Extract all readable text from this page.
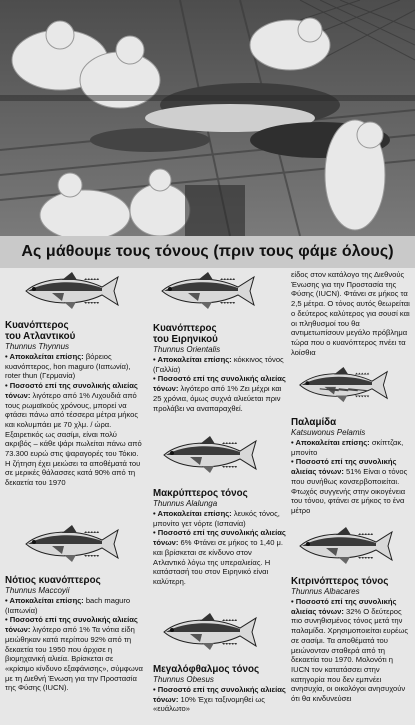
Ας μάθουμε τους τόνους (πριν τους φάμε όλους)
Κυανόπτερος
του Ατλαντικού
Thunnus Thynnus

• Αποκαλείται επίσης: βόρειος κυανόπτερος, hon maguro (Ιαπωνία), roter thun (Γερμανία)

• Ποσοστό επί της συνολικής αλιείας τόνων: λιγότερο από 1% Λιχουδιά από τους ρωμαϊκούς χρόνους, μπορεί να φτάσει πάνω από τέσσερα μέτρα μήκος και κολυμπάει με 70 χλμ. / ώρα. Εξαιρετικός ως σασίμι, είναι πολύ ακριβός – κάθε ψάρι πωλείται πάνω από 73.300 ευρώ στις ψαραγορές του Τόκιο. Η ζήτηση έχει μειώσει τα αποθέματά του σε μερικές θάλασσες κατά 90% από τη δεκαετία του 1970

Νότιος κυανόπτερος
Thunnus Maccoyii

• Αποκαλείται επίσης: bach maguro (Ιαπωνία)

• Ποσοστό επί της συνολικής αλιείας τόνων: λιγότερο από 1% Τα νότια είδη μειώθηκαν κατά περίπου 92% από τη δεκαετία του 1950 που άρχισε η βιομηχανική αλιεία. Βρίσκεται σε «κρίσιμο κίνδυνο εξαφάνισης», σύμφωνα με τη Διεθνή Ένωση για την Προστασία της Φύσης (IUCN).

Κυανόπτερος
του Ειρηνικού
Thunnus Orientalis

• Αποκαλείται επίσης: κόκκινος τόνος (Γαλλία)

• Ποσοστό επί της συνολικής αλιείας τόνων: λιγότερο από 1% Ζει μέχρι και 25 χρόνια, όμως συχνά αλιεύεται πριν προλάβει να αναπαραχθεί.

Μακρύπτερος τόνος
Thunnus Alalunga

• Αποκαλείται επίσης: λευκός τόνος, μπονίτο γετ νόρτε (Ισπανία)

• Ποσοστό επί της συνολικής αλιείας τόνων: 6% Φτάνει σε μήκος το 1,40 μ. και βρίσκεται σε κίνδυνο στον Ατλαντικό λόγω της υπεραλιείας. Η κατάστασή του στον Ειρηνικό είναι καλύτερη.

Μεγαλόφθαλμος τόνος
Thunnus Obesus

• Ποσοστό επί της συνολικής αλιείας τόνων: 10% Έχει ταξινομηθεί ως «ευάλωτο»

είδος στον κατάλογο της Διεθνούς Ένωσης για την Προστασία της Φύσης (IUCN). Φτάνει σε μήκος τα 2,5 μέτρα. Ο τόνος αυτός θεωρείται ο δεύτερος καλύτερος για σουσί και οι πληθυσμοί του θα αντιμετωπίσουν μεγάλο πρόβλημα τώρα που ο κυανόπτερος πνέει τα λοίσθια

Παλαμίδα
Katsuwonus Pelamis

• Αποκαλείται επίσης: σκίπτζακ, μπονίτο

• Ποσοστό επί της συνολικής αλιείας τόνων: 51% Είναι ο τόνος που συνήθως κονσερβοποιείται. Φτωχός συγγενής στην οικογένεια του τόνου, φτάνει σε μήκος το ένα μέτρο

Κιτρινόπτερος τόνος
Thunnus Albacares

• Ποσοστό επί της συνολικής αλιείας τόνων: 32% Ο δεύτερος πιο συνηθισμένος τόνος μετά την παλαμίδα. Χρησιμοποιείται ευρέως σε σασίμι. Τα αποθέματά του μειώνονταν σταθερά από τη δεκαετία του 1970. Μολονότι η IUCN τον κατατάσσει στην κατηγορία που δεν εμπνέει ανησυχία, οι οικολόγοι ανησυχούν ότι θα κινδυνεύσει
